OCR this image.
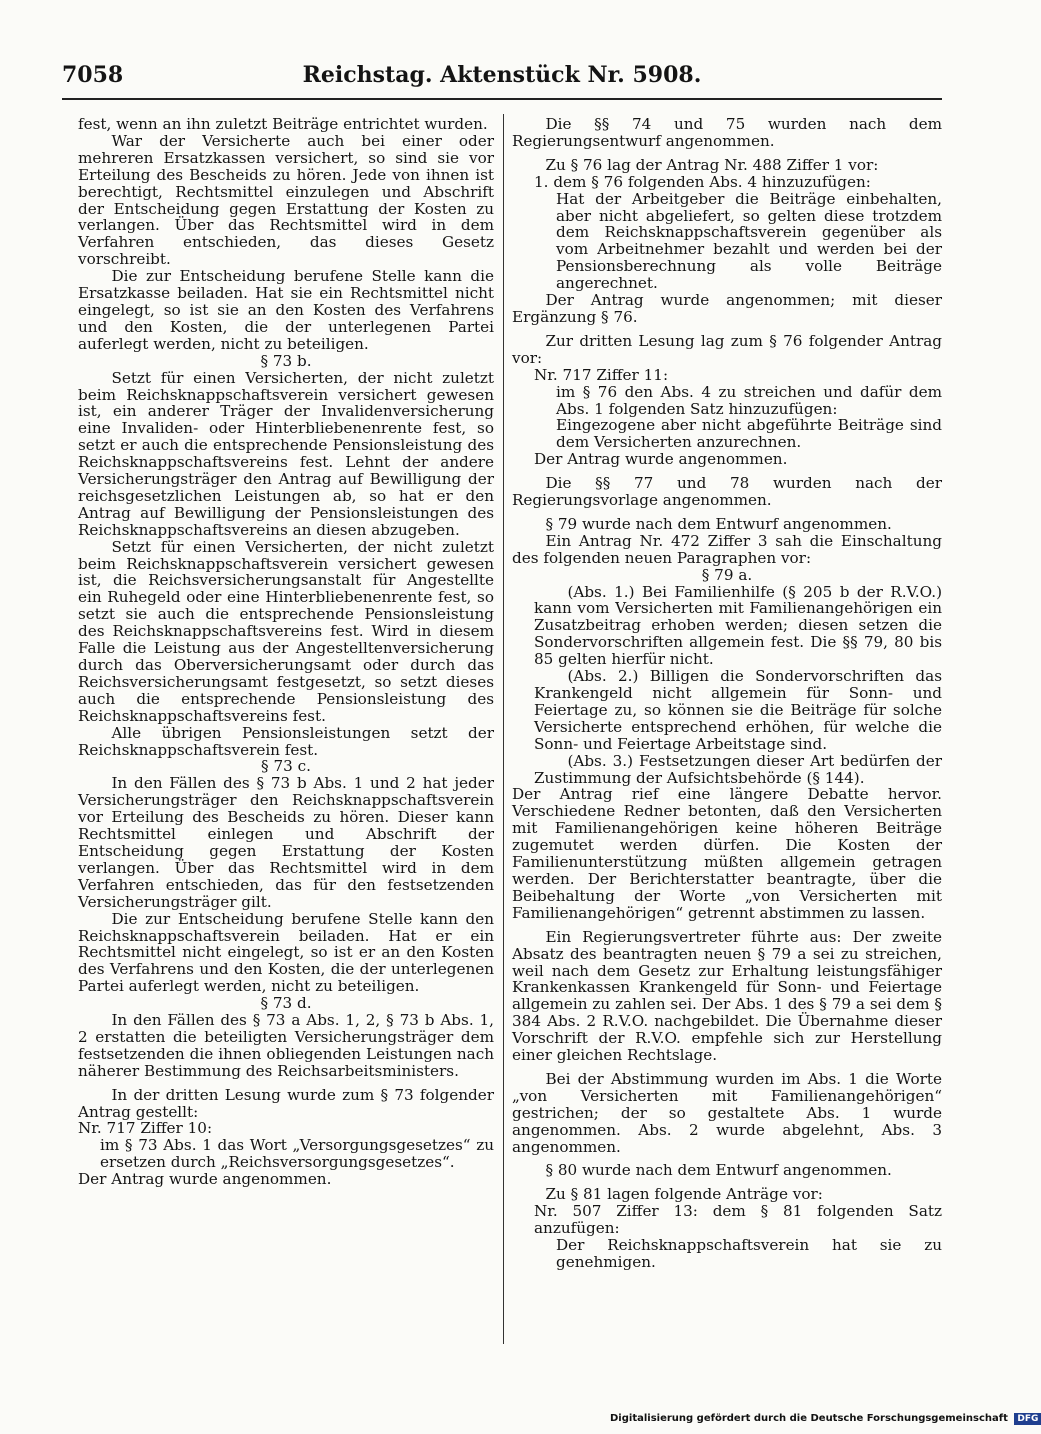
7058	Reichstag. Aktenstück Nr. 5908.

fest, wenn an ihn zuletzt Beiträge entrichtet wurden.

War der Versicherte auch bei einer oder mehreren Ersatzkassen versichert, so sind sie vor Erteilung des Bescheids zu hören. Jede von ihnen ist berechtigt, Rechtsmittel einzulegen und Abschrift der Entscheidung gegen Erstattung der Kosten zu verlangen. Über das Rechtsmittel wird in dem Verfahren entschieden, das dieses Gesetz vorschreibt.

Die zur Entscheidung berufene Stelle kann die Ersatzkasse beiladen. Hat sie ein Rechtsmittel nicht eingelegt, so ist sie an den Kosten des Verfahrens und den Kosten, die der unterlegenen Partei auferlegt werden, nicht zu beteiligen.

§ 73 b.

Setzt für einen Versicherten, der nicht zuletzt beim Reichsknappschaftsverein versichert gewesen ist, ein anderer Träger der Invalidenversicherung eine Invaliden- oder Hinterbliebenenrente fest, so setzt er auch die entsprechende Pensionsleistung des Reichsknappschaftsvereins fest. Lehnt der andere Versicherungsträger den Antrag auf Bewilligung der reichsgesetzlichen Leistungen ab, so hat er den Antrag auf Bewilligung der Pensionsleistungen des Reichsknappschaftsvereins an diesen abzugeben.

Setzt für einen Versicherten, der nicht zuletzt beim Reichsknappschaftsverein versichert gewesen ist, die Reichsversicherungsanstalt für Angestellte ein Ruhegeld oder eine Hinterbliebenenrente fest, so setzt sie auch die entsprechende Pensionsleistung des Reichsknappschaftsvereins fest. Wird in diesem Falle die Leistung aus der Angestelltenversicherung durch das Oberversicherungsamt oder durch das Reichsversicherungsamt festgesetzt, so setzt dieses auch die entsprechende Pensionsleistung des Reichsknappschaftsvereins fest.

Alle übrigen Pensionsleistungen setzt der Reichsknappschaftsverein fest.

§ 73 c.

In den Fällen des § 73 b Abs. 1 und 2 hat jeder Versicherungsträger den Reichsknappschaftsverein vor Erteilung des Bescheids zu hören. Dieser kann Rechtsmittel einlegen und Abschrift der Entscheidung gegen Erstattung der Kosten verlangen. Über das Rechtsmittel wird in dem Verfahren entschieden, das für den festsetzenden Versicherungsträger gilt.

Die zur Entscheidung berufene Stelle kann den Reichsknappschaftsverein beiladen. Hat er ein Rechtsmittel nicht eingelegt, so ist er an den Kosten des Verfahrens und den Kosten, die der unterlegenen Partei auferlegt werden, nicht zu beteiligen.

§ 73 d.

In den Fällen des § 73 a Abs. 1, 2, § 73 b Abs. 1, 2 erstatten die beteiligten Versicherungsträger dem festsetzenden die ihnen obliegenden Leistungen nach näherer Bestimmung des Reichsarbeitsministers.

In der dritten Lesung wurde zum § 73 folgender Antrag gestellt:

Nr. 717 Ziffer 10:

im § 73 Abs. 1 das Wort „Versorgungsgesetzes“ zu ersetzen durch „Reichsversorgungsgesetzes“.

Der Antrag wurde angenommen.

Die §§ 74 und 75 wurden nach dem Regierungsentwurf angenommen.

Zu § 76 lag der Antrag Nr. 488 Ziffer 1 vor:

1. dem § 76 folgenden Abs. 4 hinzuzufügen:

Hat der Arbeitgeber die Beiträge einbehalten, aber nicht abgeliefert, so gelten diese trotzdem dem Reichsknappschaftsverein gegenüber als vom Arbeitnehmer bezahlt und werden bei der Pensionsberechnung als volle Beiträge angerechnet.

Der Antrag wurde angenommen; mit dieser Ergänzung § 76.

Zur dritten Lesung lag zum § 76 folgender Antrag vor:

Nr. 717 Ziffer 11:

im § 76 den Abs. 4 zu streichen und dafür dem Abs. 1 folgenden Satz hinzuzufügen:

Eingezogene aber nicht abgeführte Beiträge sind dem Versicherten anzurechnen.

Der Antrag wurde angenommen.

Die §§ 77 und 78 wurden nach der Regierungsvorlage angenommen.

§ 79 wurde nach dem Entwurf angenommen.

Ein Antrag Nr. 472 Ziffer 3 sah die Einschaltung des folgenden neuen Paragraphen vor:

§ 79 a.

(Abs. 1.) Bei Familienhilfe (§ 205 b der R.V.O.) kann vom Versicherten mit Familienangehörigen ein Zusatzbeitrag erhoben werden; diesen setzen die Sondervorschriften allgemein fest. Die §§ 79, 80 bis 85 gelten hierfür nicht.

(Abs. 2.) Billigen die Sondervorschriften das Krankengeld nicht allgemein für Sonn- und Feiertage zu, so können sie die Beiträge für solche Versicherte entsprechend erhöhen, für welche die Sonn- und Feiertage Arbeitstage sind.

(Abs. 3.) Festsetzungen dieser Art bedürfen der Zustimmung der Aufsichtsbehörde (§ 144).

Der Antrag rief eine längere Debatte hervor. Verschiedene Redner betonten, daß den Versicherten mit Familienangehörigen keine höheren Beiträge zugemutet werden dürfen. Die Kosten der Familienunterstützung müßten allgemein getragen werden. Der Berichterstatter beantragte, über die Beibehaltung der Worte „von Versicherten mit Familienangehörigen“ getrennt abstimmen zu lassen.

Ein Regierungsvertreter führte aus: Der zweite Absatz des beantragten neuen § 79 a sei zu streichen, weil nach dem Gesetz zur Erhaltung leistungsfähiger Krankenkassen Krankengeld für Sonn- und Feiertage allgemein zu zahlen sei. Der Abs. 1 des § 79 a sei dem § 384 Abs. 2 R.V.O. nachgebildet. Die Übernahme dieser Vorschrift der R.V.O. empfehle sich zur Herstellung einer gleichen Rechtslage.

Bei der Abstimmung wurden im Abs. 1 die Worte „von Versicherten mit Familienangehörigen“ gestrichen; der so gestaltete Abs. 1 wurde angenommen. Abs. 2 wurde abgelehnt, Abs. 3 angenommen.

§ 80 wurde nach dem Entwurf angenommen.

Zu § 81 lagen folgende Anträge vor:

Nr. 507 Ziffer 13: dem § 81 folgenden Satz anzufügen:

Der Reichsknappschaftsverein hat sie zu genehmigen.

Digitalisierung gefördert durch die Deutsche Forschungsgemeinschaft DFG
